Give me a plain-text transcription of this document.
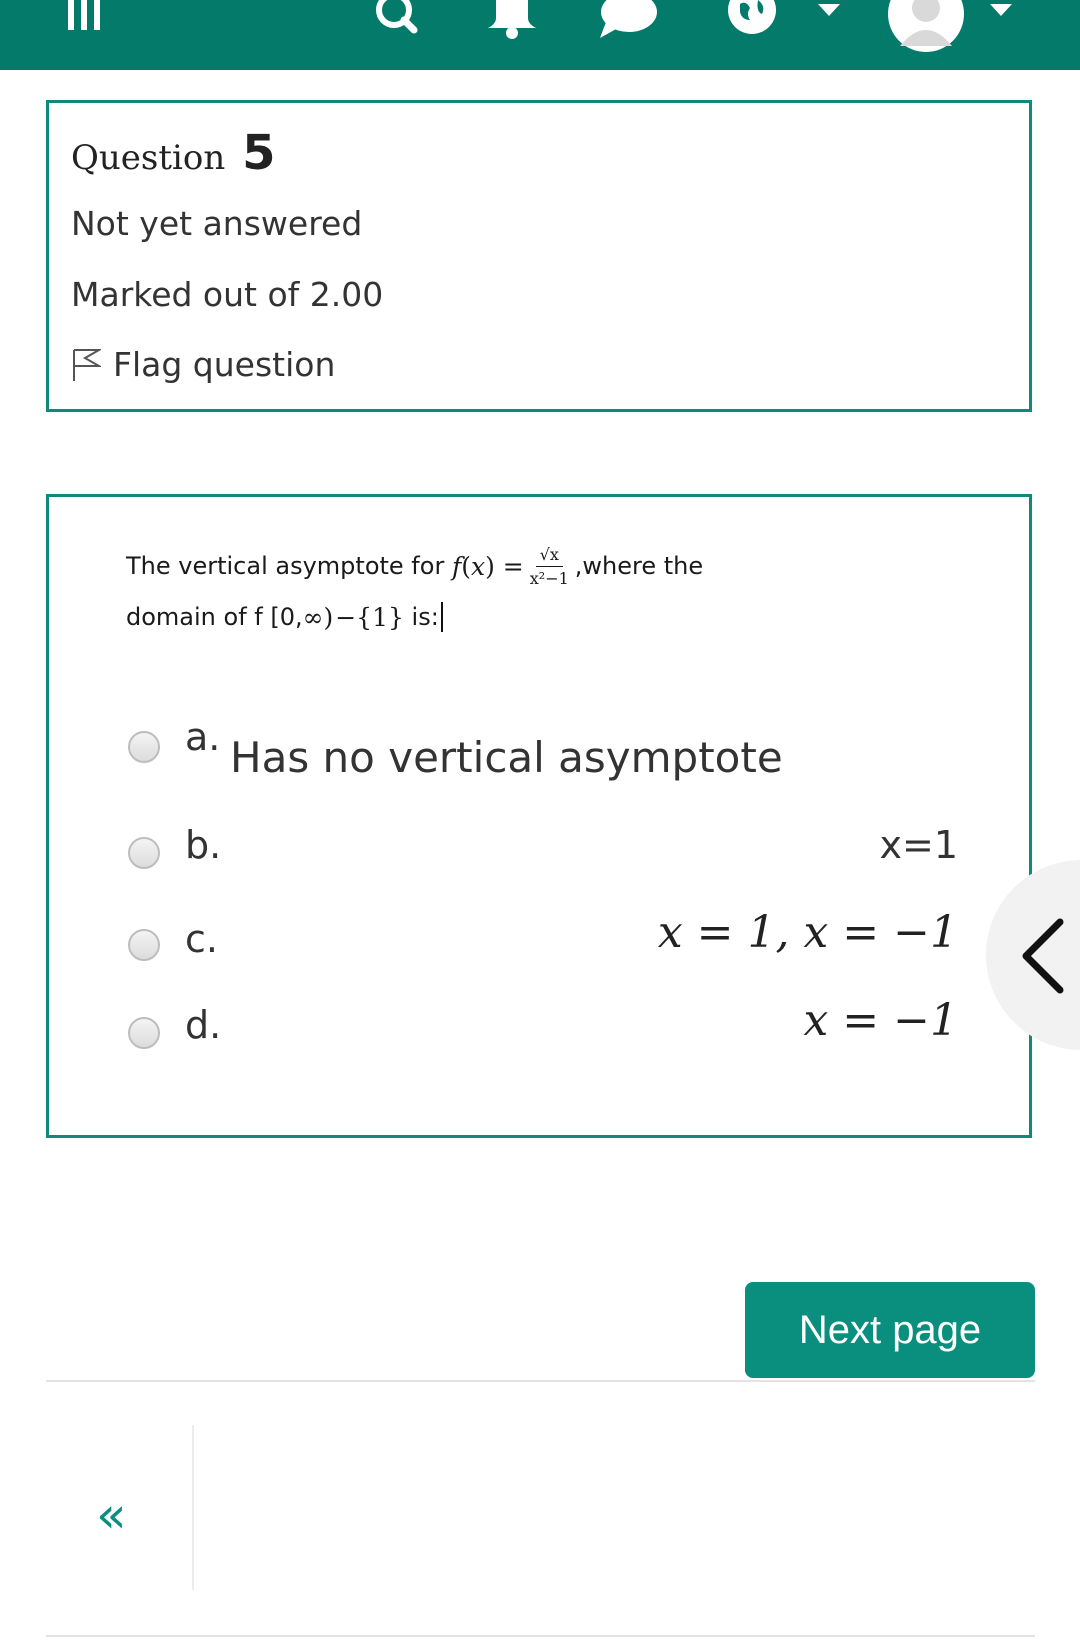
Question 5
Not yet answered
Marked out of 2.00
Flag question
The vertical asymptote for
$f(x) = \frac{√x}{\text{x²−1}}$ ,where the
domain of f [0, ∞) −{1}
is:
a. Has no vertical asymptote
b.	x=1
c.	x = 1, x = −1
d.	x = −1
Next page
«
